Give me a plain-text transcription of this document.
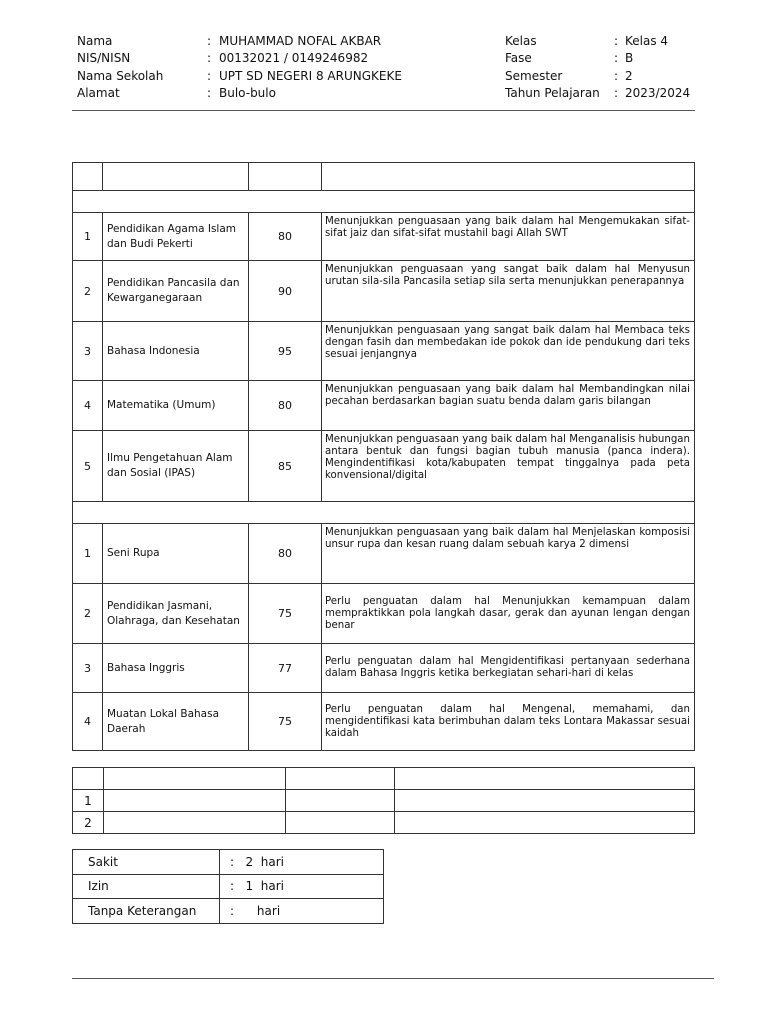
Nama	: MUHAMMAD NOFAL AKBAR
NIS/NISN	: 00132021 / 0149246982
Nama Sekolah	: UPT SD NEGERI 8 ARUNGKEKE
Alamat	: Bulo-bulo
Kelas	: Kelas 4
Fase	: B
Semester	: 2
Tahun Pelajaran : 2023/2024

1	Pendidikan Agama Islam dan Budi Pekerti	80	Menunjukkan penguasaan yang baik dalam hal Mengemukakan sifat-sifat jaiz dan sifat-sifat mustahil bagi Allah SWT
2	Pendidikan Pancasila dan Kewarganegaraan	90	Menunjukkan penguasaan yang sangat baik dalam hal Menyusun urutan sila-sila Pancasila setiap sila serta menunjukkan penerapannya
3	Bahasa Indonesia	95	Menunjukkan penguasaan yang sangat baik dalam hal Membaca teks dengan fasih dan membedakan ide pokok dan ide pendukung dari teks sesuai jenjangnya
4	Matematika (Umum)	80	Menunjukkan penguasaan yang baik dalam hal Membandingkan nilai pecahan berdasarkan bagian suatu benda dalam garis bilangan
5	Ilmu Pengetahuan Alam dan Sosial (IPAS)	85	Menunjukkan penguasaan yang baik dalam hal Menganalisis hubungan antara bentuk dan fungsi bagian tubuh manusia (panca indera). Mengindentifikasi kota/kabupaten tempat tinggalnya pada peta konvensional/digital

1	Seni Rupa	80	Menunjukkan penguasaan yang baik dalam hal Menjelaskan komposisi unsur rupa dan kesan ruang dalam sebuah karya 2 dimensi
2	Pendidikan Jasmani, Olahraga, dan Kesehatan	75	Perlu penguatan dalam hal Menunjukkan kemampuan dalam mempraktikkan pola langkah dasar, gerak dan ayunan lengan dengan benar
3	Bahasa Inggris	77	Perlu penguatan dalam hal Mengidentifikasi pertanyaan sederhana dalam Bahasa Inggris ketika berkegiatan sehari-hari di kelas
4	Muatan Lokal Bahasa Daerah	75	Perlu penguatan dalam hal Mengenal, memahami, dan mengidentifikasi kata berimbuhan dalam teks Lontara Makassar sesuai kaidah

1			
2			
Sakit	:   2  hari
Izin	:   1  hari
Tanpa Keterangan	:      hari
